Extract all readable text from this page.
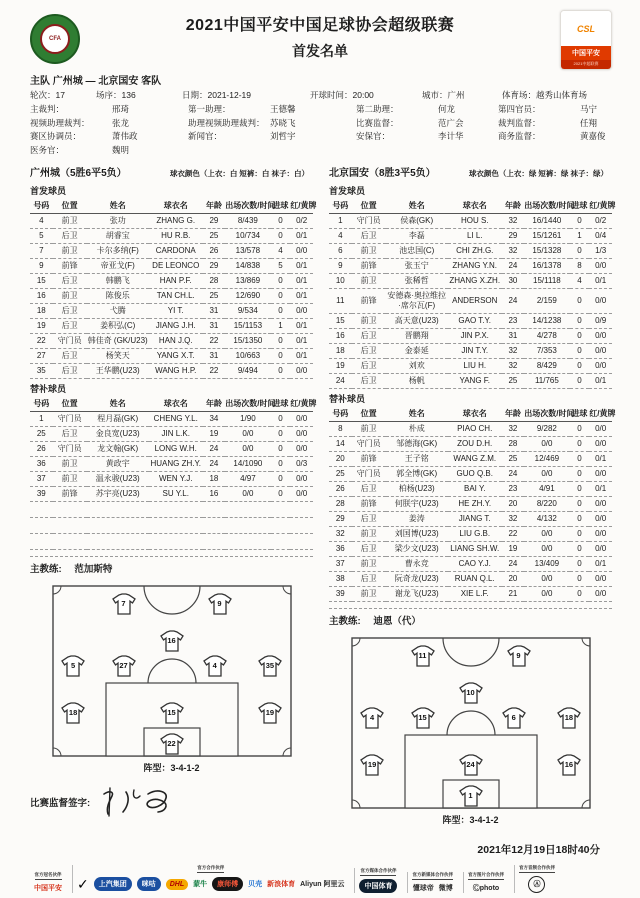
CFA
2021中国平安中国足球协会超级联赛
首发名单
CSL
中国平安
2021中超联赛
主队 广州城 — 北京国安 客队
轮次：17	场序：136	日期：2021-12-19	开球时间：20:00	城市：广州	体育场：越秀山体育场
主裁判：	邢琦	第一助理：	王德馨	第二助理：	何龙	第四官员：	马宁
视频助理裁判：	张龙	助理视频助理裁判： 苏晓飞	比赛监督：	范广会	裁判监督：	任翔
赛区协调员：	萧伟政	新闻官：	刘哲宇	安保官：	李计华	商务监督：	黄嘉俊
医务官：	魏明
广州城（5胜6平5负）	球衣颜色（上衣：白 短裤：白 袜子：白）
首发球员
号码	位置	姓名	球衣名	年龄	出场次数/时间	进球	红/黄牌
4	前卫	张功	ZHANG G.	29	8/439	0	0/2
5	后卫	胡睿宝	HU R.B.	25	10/734	0	0/1
7	前卫	卡尔多纳(F)	CARDONA	26	13/578	4	0/0
9	前锋	帝亚戈(F)	DE LEONCO	29	14/838	5	0/1
15	后卫	韩鹏飞	HAN P.F.	28	13/869	0	0/1
16	前卫	陈俊乐	TAN CH.L.	25	12/690	0	0/1
18	后卫	弋腾	YI T.	31	9/534	0	0/0
19	后卫	姜积弘(C)	JIANG J.H.	31	15/1153	1	0/1
22	守门员	韩佳奇 (GK/U23)	HAN J.Q.	22	15/1350	0	0/1
27	后卫	杨笑天	YANG X.T.	31	10/663	0	0/1
35	后卫	王华鹏(U23)	WANG H.P.	22	9/494	0	0/0
替补球员
号码	位置	姓名	球衣名	年龄	出场次数/时间	进球	红/黄牌
1	守门员	程月磊(GK)	CHENG Y.L.	34	1/90	0	0/0
25	后卫	金良宽(U23)	JIN L.K.	19	0/0	0	0/0
26	守门员	龙文翰(GK)	LONG W.H.	24	0/0	0	0/0
36	前卫	黄政宇	HUANG ZH.Y.	24	14/1090	0	0/3
37	前卫	温永骏(U23)	WEN Y.J.	18	4/97	0	0/0
39	前锋	苏宇亮(U23)	SU Y.L.	16	0/0	0	0/0

主教练: 范加斯特
7	9
16
5	27	4	35
18	15	19
22
阵型：3-4-1-2
比赛监督签字:
北京国安（8胜3平5负）	球衣颜色（上衣：绿 短裤：绿 袜子：绿）
首发球员
号码	位置	姓名	球衣名	年龄	出场次数/时间	进球	红/黄牌
1	守门员	侯森(GK)	HOU S.	32	16/1440	0	0/2
4	后卫	李磊	LI L.	29	15/1261	1	0/4
6	前卫	池忠国(C)	CHI ZH.G.	32	15/1328	0	1/3
9	前锋	张玉宁	ZHANG Y.N.	24	16/1378	8	0/0
10	前卫	张稀哲	ZHANG X.ZH.	30	15/1118	4	0/1
11	前锋	安德森·奥拉维拉·席尔瓦(F)	ANDERSON	24	2/159	0	0/0
15	前卫	高天意(U23)	GAO T.Y.	23	14/1238	0	0/9
16	后卫	晋鹏翔	JIN P.X.	31	4/278	0	0/0
18	后卫	金泰延	JIN T.Y.	32	7/353	0	0/0
19	后卫	刘欢	LIU H.	32	8/429	0	0/0
24	后卫	杨帆	YANG F.	25	11/765	0	0/1
替补球员
号码	位置	姓名	球衣名	年龄	出场次数/时间	进球	红/黄牌
8	前卫	朴成	PIAO CH.	32	9/282	0	0/0
14	守门员	邹德海(GK)	ZOU D.H.	28	0/0	0	0/0
20	前锋	王子铭	WANG Z.M.	25	12/469	0	0/1
25	守门员	郭全博(GK)	GUO Q.B.	24	0/0	0	0/0
26	后卫	柏杨(U23)	BAI Y.	23	4/91	0	0/1
28	前锋	何朕宇(U23)	HE ZH.Y.	20	8/220	0	0/0
29	后卫	姜涛	JIANG T.	32	4/132	0	0/0
32	前卫	刘国博(U23)	LIU G.B.	22	0/0	0	0/0
36	后卫	梁少文(U23)	LIANG SH.W.	19	0/0	0	0/0
37	前卫	曹永竞	CAO Y.J.	24	13/409	0	0/1
38	后卫	阮奇龙(U23)	RUAN Q.L.	20	0/0	0	0/0
39	前卫	谢龙飞(U23)	XIE L.F.	21	0/0	0	0/0
主教练: 迪恩（代）
11	9
10
4	15	6	18
19	24	16
1
阵型：3-4-1-2
2021年12月19日18时40分
官方冠名伙伴
中国平安
官方合作伙伴
✓	上汽集团	咪咕	DHL	蒙牛	康师傅	贝壳 新浪体育 Aliyun 阿里云
官方媒体合作伙伴
中国体育
官方新媒体合作伙伴
懂球帝 微博
官方图片合作伙伴
Ⓒphoto
官方音频合作伙伴
Ⓐ
